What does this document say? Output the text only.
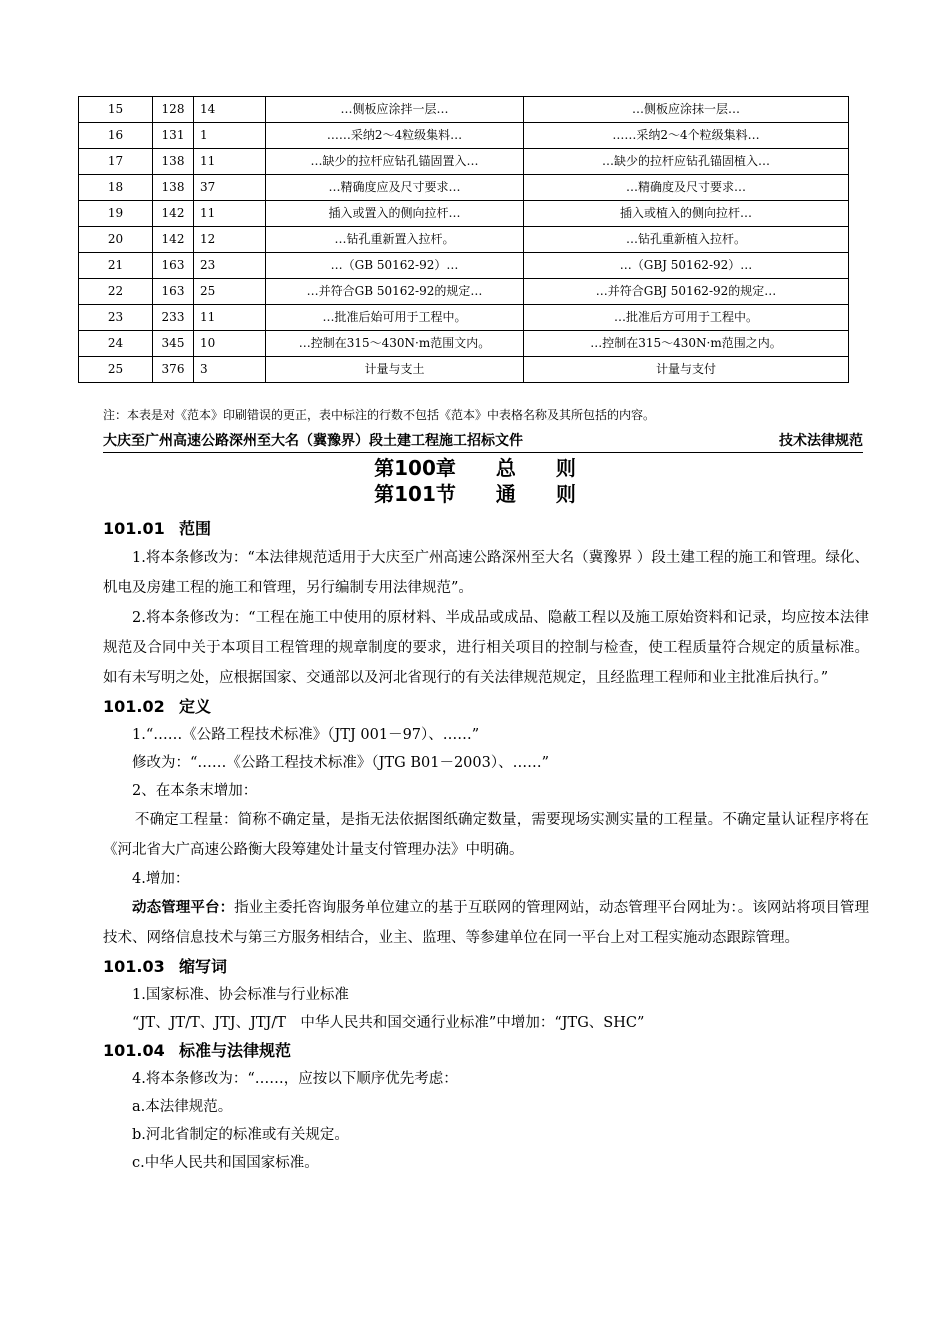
15	128	14	…侧板应涂拌一层…	…侧板应涂抹一层…
16	131	1	……采纳2～4粒级集料…	……采纳2～4个粒级集料…
17	138	11	…缺少的拉杆应钻孔锚固置入…	…缺少的拉杆应钻孔锚固植入…
18	138	37	…精确度应及尺寸要求…	…精确度及尺寸要求…
19	142	11	插入或置入的侧向拉杆…	插入或植入的侧向拉杆…
20	142	12	…钻孔重新置入拉杆。	…钻孔重新植入拉杆。
21	163	23	…（GB 50162-92）…	…（GBJ 50162-92）…
22	163	25	…并符合GB 50162-92的规定…	…并符合GBJ 50162-92的规定…
23	233	11	…批准后始可用于工程中。	…批准后方可用于工程中。
24	345	10	…控制在315～430N·m范围文内。	…控制在315～430N·m范围之内。
25	376	3	计量与支土	计量与支付
注：本表是对《范本》印刷错误的更正，表中标注的行数不包括《范本》中表格名称及其所包括的内容。
大庆至广州高速公路深州至大名（冀豫界）段土建工程施工招标文件	技术法律规范
第100章　　总　　则
第101节　　通　　则

101.01 范围

1.将本条修改为：“本法律规范适用于大庆至广州高速公路深州至大名（冀豫界 ）段土建工程的施工和管理。绿化、机电及房建工程的施工和管理，另行编制专用法律规范”。

2.将本条修改为：“工程在施工中使用的原材料、半成品或成品、隐蔽工程以及施工原始资料和记录，均应按本法律规范及合同中关于本项目工程管理的规章制度的要求，进行相关项目的控制与检查，使工程质量符合规定的质量标准。如有未写明之处，应根据国家、交通部以及河北省现行的有关法律规范规定，且经监理工程师和业主批准后执行。”

101.02 定义

1.“……《公路工程技术标准》（JTJ 001－97）、……”

修改为：“……《公路工程技术标准》（JTG B01－2003）、……”

2、在本条末增加：

不确定工程量：简称不确定量，是指无法依据图纸确定数量，需要现场实测实量的工程量。不确定量认证程序将在《河北省大广高速公路衡大段筹建处计量支付管理办法》中明确。

4.增加：

动态管理平台：指业主委托咨询服务单位建立的基于互联网的管理网站，动态管理平台网址为：。该网站将项目管理技术、网络信息技术与第三方服务相结合，业主、监理、等参建单位在同一平台上对工程实施动态跟踪管理。

101.03 缩写词

1.国家标准、协会标准与行业标准

“JT、JT/T、JTJ、JTJ/T　中华人民共和国交通行业标准”中增加：“JTG、SHC”

101.04 标准与法律规范

4.将本条修改为：“……，应按以下顺序优先考虑：

a.本法律规范。

b.河北省制定的标准或有关规定。

c.中华人民共和国国家标准。
